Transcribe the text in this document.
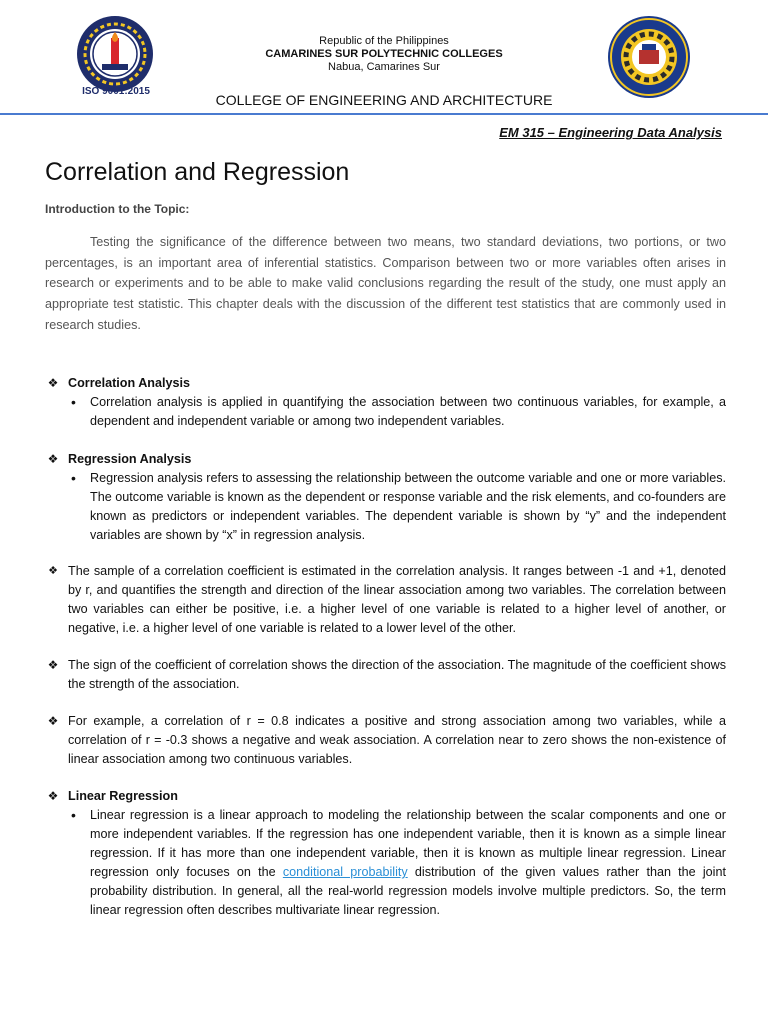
ISO 9001:2015
Republic of the Philippines
CAMARINES SUR POLYTECHNIC COLLEGES
Nabua, Camarines Sur
COLLEGE OF ENGINEERING AND ARCHITECTURE
EM 315 – Engineering Data Analysis
Correlation and Regression
Introduction to the Topic:

Testing the significance of the difference between two means, two standard deviations, two portions, or two percentages, is an important area of inferential statistics. Comparison between two or more variables often arises in research or experiments and to be able to make valid conclusions regarding the result of the study, one must apply an appropriate test statistic. This chapter deals with the discussion of the different test statistics that are commonly used in research studies.

❖ Correlation Analysis
• Correlation analysis is applied in quantifying the association between two continuous variables, for example, a dependent and independent variable or among two independent variables.
❖ Regression Analysis
• Regression analysis refers to assessing the relationship between the outcome variable and one or more variables. The outcome variable is known as the dependent or response variable and the risk elements, and co-founders are known as predictors or independent variables. The dependent variable is shown by “y” and the independent variables are shown by “x” in regression analysis.
❖ The sample of a correlation coefficient is estimated in the correlation analysis. It ranges between -1 and +1, denoted by r, and quantifies the strength and direction of the linear association among two variables. The correlation between two variables can either be positive, i.e. a higher level of one variable is related to a higher level of another, or negative, i.e. a higher level of one variable is related to a lower level of the other.
❖ The sign of the coefficient of correlation shows the direction of the association. The magnitude of the coefficient shows the strength of the association.
❖ For example, a correlation of r = 0.8 indicates a positive and strong association among two variables, while a correlation of r = -0.3 shows a negative and weak association. A correlation near to zero shows the non-existence of linear association among two continuous variables.
❖ Linear Regression
• Linear regression is a linear approach to modeling the relationship between the scalar components and one or more independent variables. If the regression has one independent variable, then it is known as a simple linear regression. If it has more than one independent variable, then it is known as multiple linear regression. Linear regression only focuses on the conditional probability distribution of the given values rather than the joint probability distribution. In general, all the real-world regression models involve multiple predictors. So, the term linear regression often describes multivariate linear regression.
